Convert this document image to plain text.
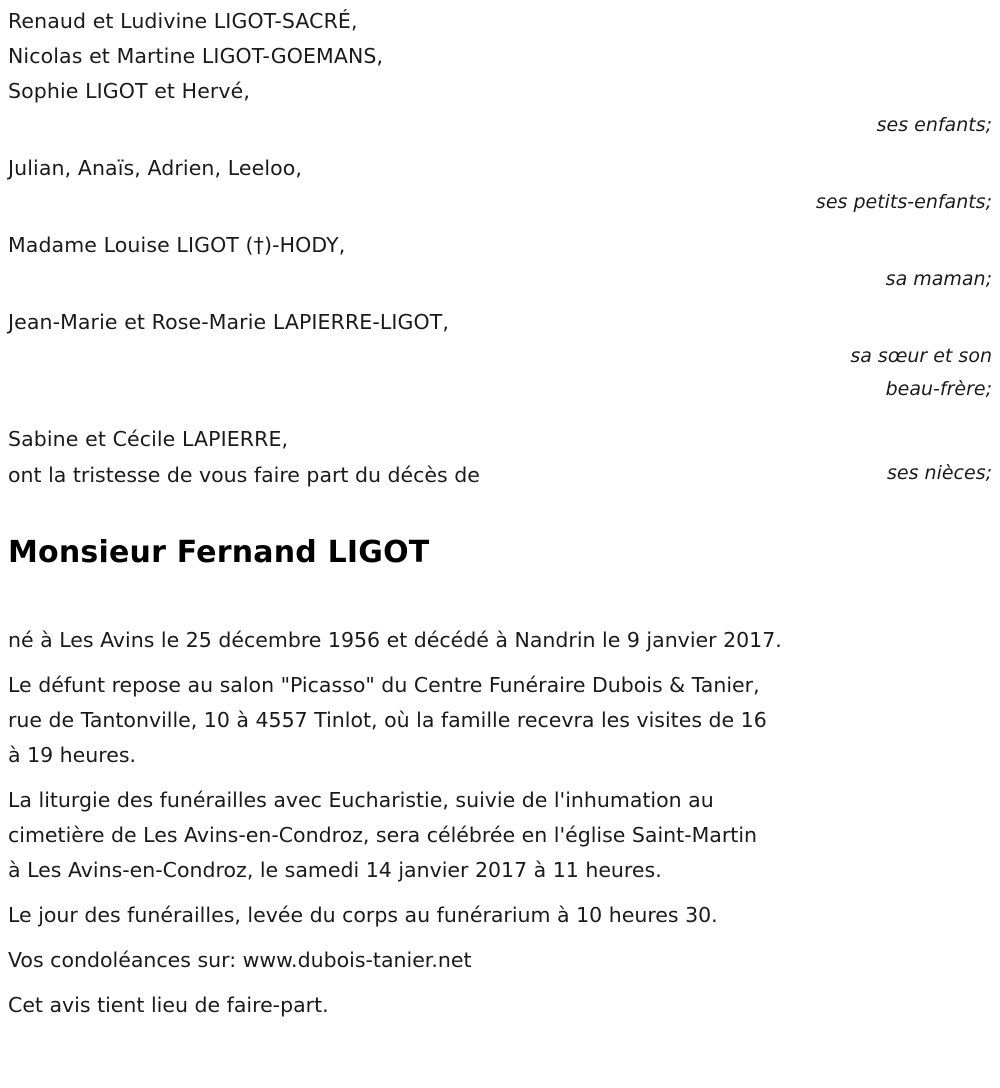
Renaud et Ludivine LIGOT-SACRÉ,
Nicolas et Martine LIGOT-GOEMANS,
Sophie LIGOT et Hervé,
ses enfants;
Julian, Anaïs, Adrien, Leeloo,
ses petits-enfants;
Madame Louise LIGOT (†)-HODY,
sa maman;
Jean-Marie et Rose-Marie LAPIERRE-LIGOT,
sa sœur et son
beau-frère;
Sabine et Cécile LAPIERRE,
ses nièces;
ont la tristesse de vous faire part du décès de
Monsieur Fernand LIGOT

né à Les Avins le 25 décembre 1956 et décédé à Nandrin le 9 janvier 2017.

Le défunt repose au salon "Picasso" du Centre Funéraire Dubois & Tanier,
rue de Tantonville, 10 à 4557 Tinlot, où la famille recevra les visites de 16
à 19 heures.

La liturgie des funérailles avec Eucharistie, suivie de l'inhumation au
cimetière de Les Avins-en-Condroz, sera célébrée en l'église Saint-Martin
à Les Avins-en-Condroz, le samedi 14 janvier 2017 à 11 heures.

Le jour des funérailles, levée du corps au funérarium à 10 heures 30.

Vos condoléances sur: www.dubois-tanier.net

Cet avis tient lieu de faire-part.
